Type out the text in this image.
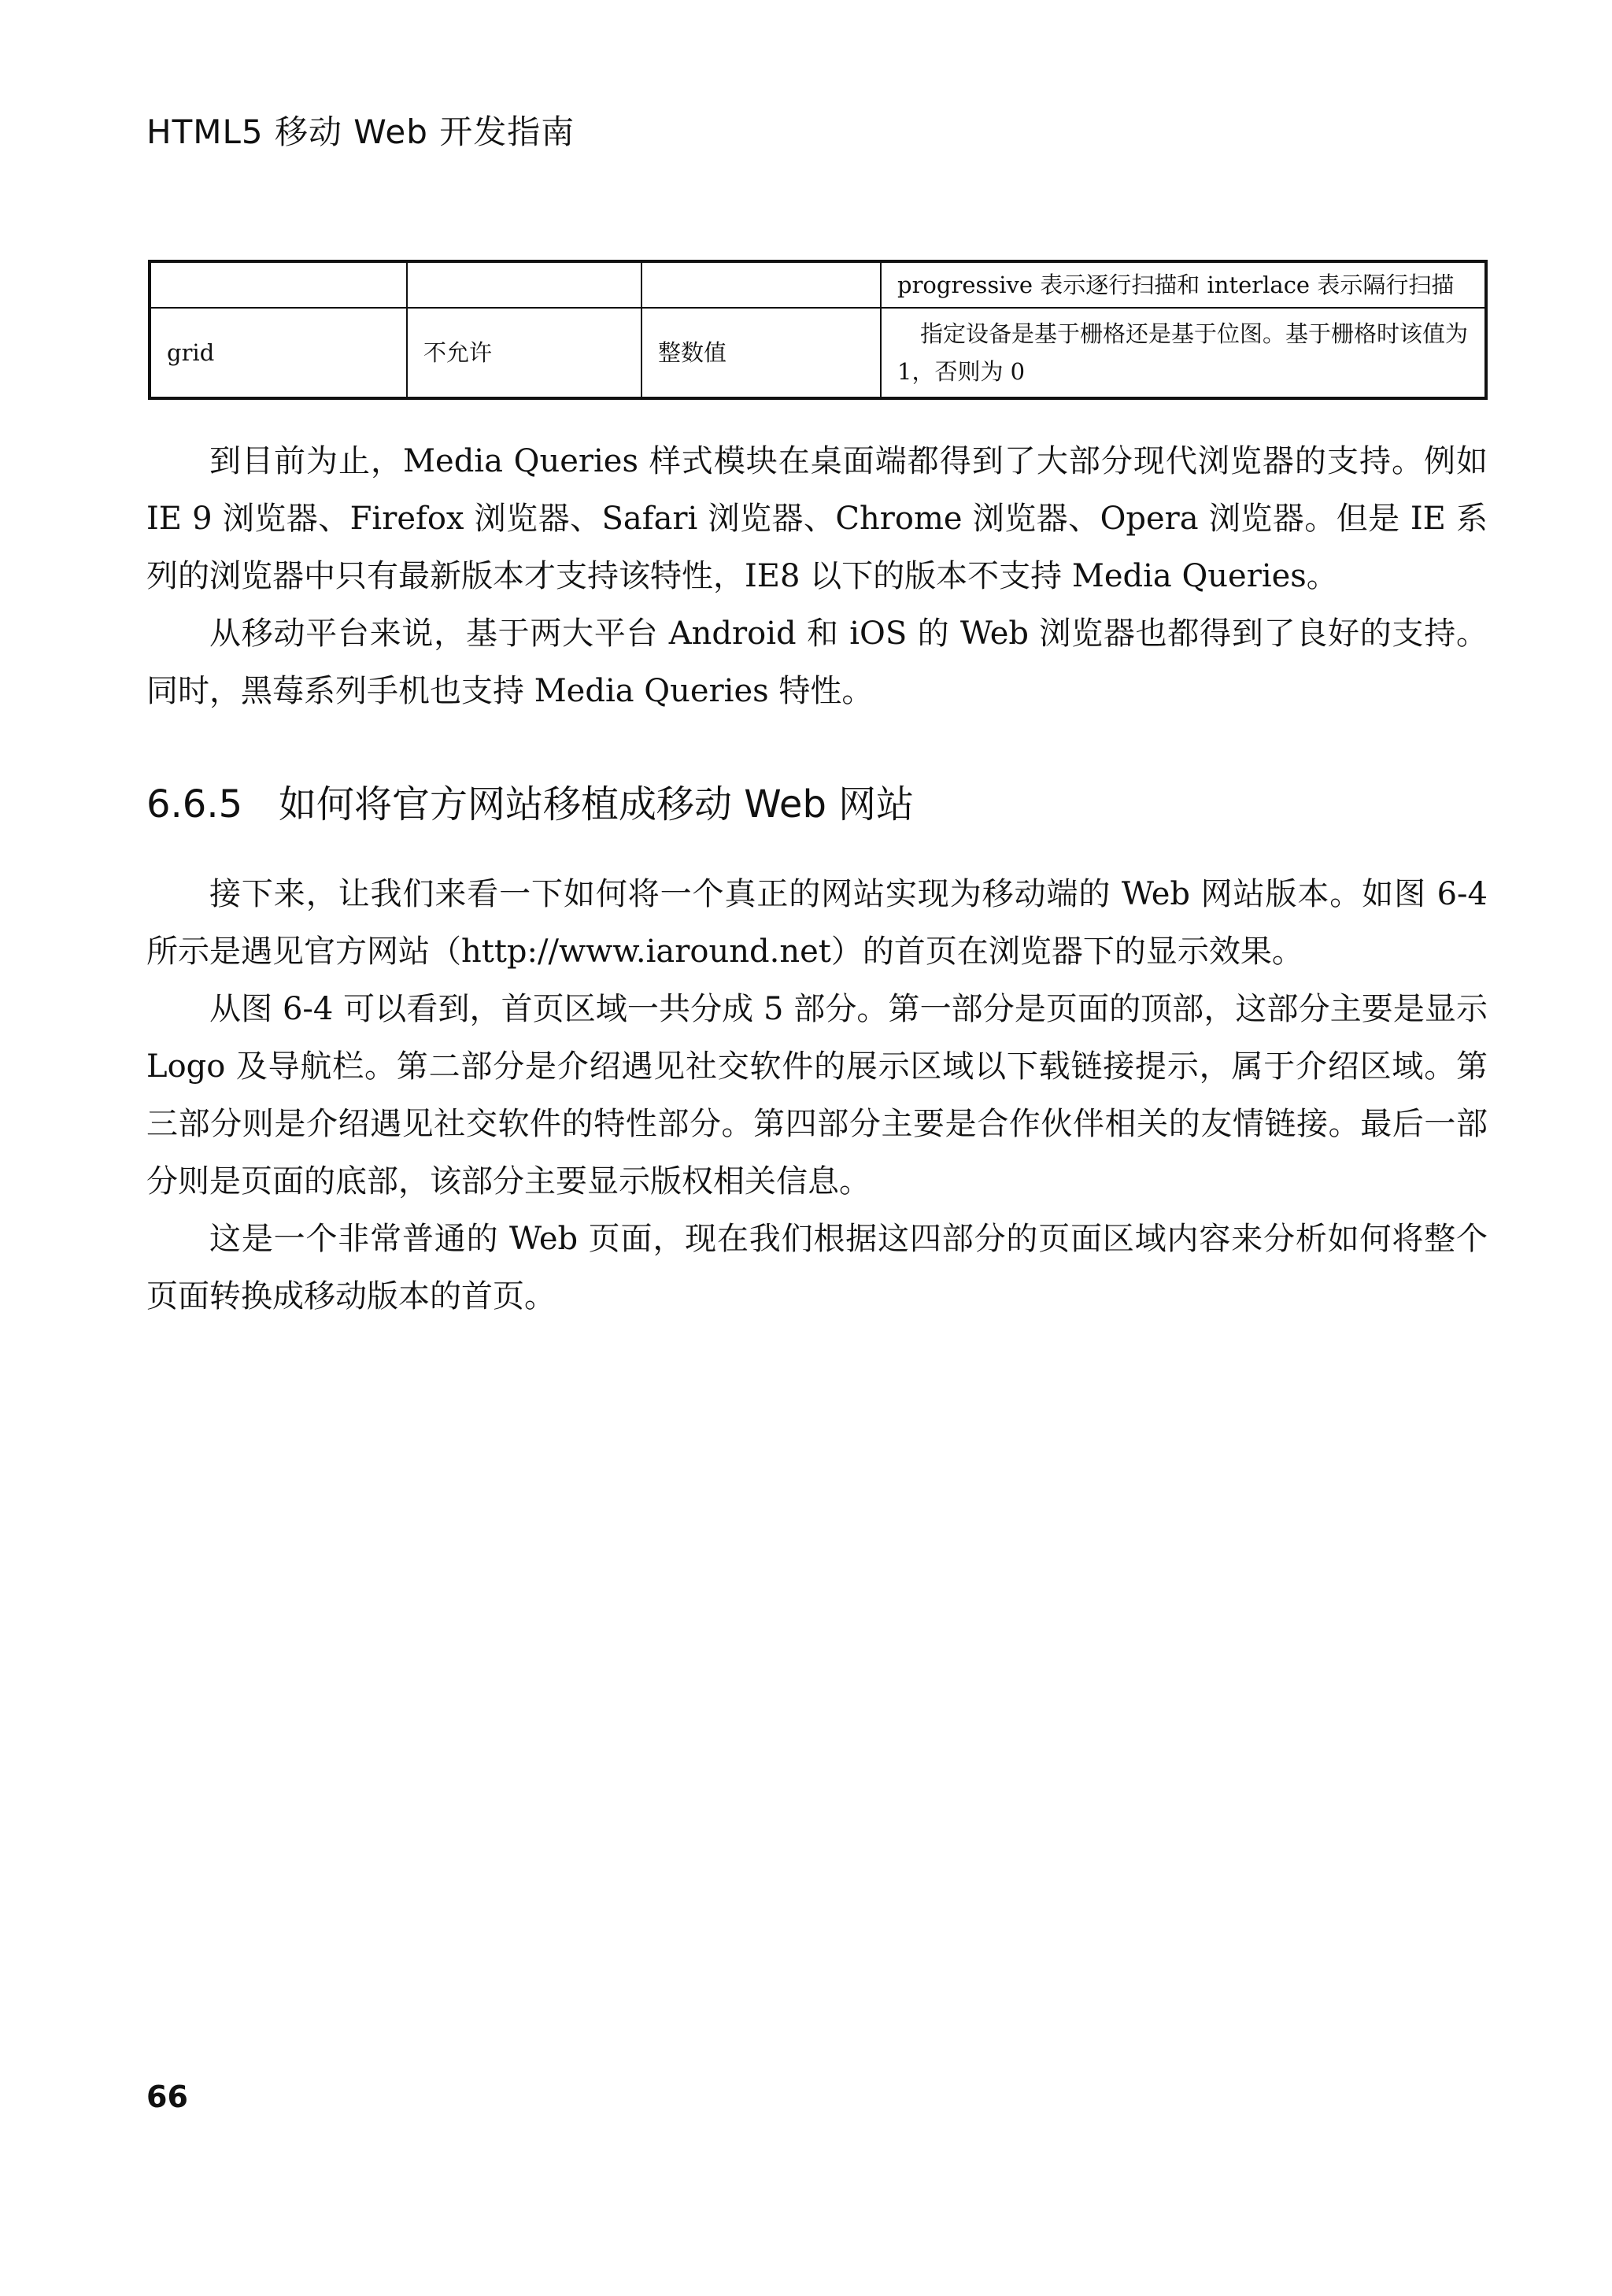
HTML5 移动 Web 开发指南
			progressive 表示逐行扫描和 interlace 表示隔行扫描
grid	不允许	整数值	　指定设备是基于栅格还是基于位图。基于栅格时该值为 1，否则为 0

到目前为止，Media Queries 样式模块在桌面端都得到了大部分现代浏览器的支持。例如 IE 9 浏览器、Firefox 浏览器、Safari 浏览器、Chrome 浏览器、Opera 浏览器。但是 IE 系列的浏览器中只有最新版本才支持该特性，IE8 以下的版本不支持 Media Queries。

从移动平台来说，基于两大平台 Android 和 iOS 的 Web 浏览器也都得到了良好的支持。同时，黑莓系列手机也支持 Media Queries 特性。

6.6.5 如何将官方网站移植成移动 Web 网站

接下来，让我们来看一下如何将一个真正的网站实现为移动端的 Web 网站版本。如图 6-4 所示是遇见官方网站（http://www.iaround.net）的首页在浏览器下的显示效果。

从图 6-4 可以看到，首页区域一共分成 5 部分。第一部分是页面的顶部，这部分主要是显示 Logo 及导航栏。第二部分是介绍遇见社交软件的展示区域以下载链接提示，属于介绍区域。第三部分则是介绍遇见社交软件的特性部分。第四部分主要是合作伙伴相关的友情链接。最后一部分则是页面的底部，该部分主要显示版权相关信息。

这是一个非常普通的 Web 页面，现在我们根据这四部分的页面区域内容来分析如何将整个页面转换成移动版本的首页。

66
